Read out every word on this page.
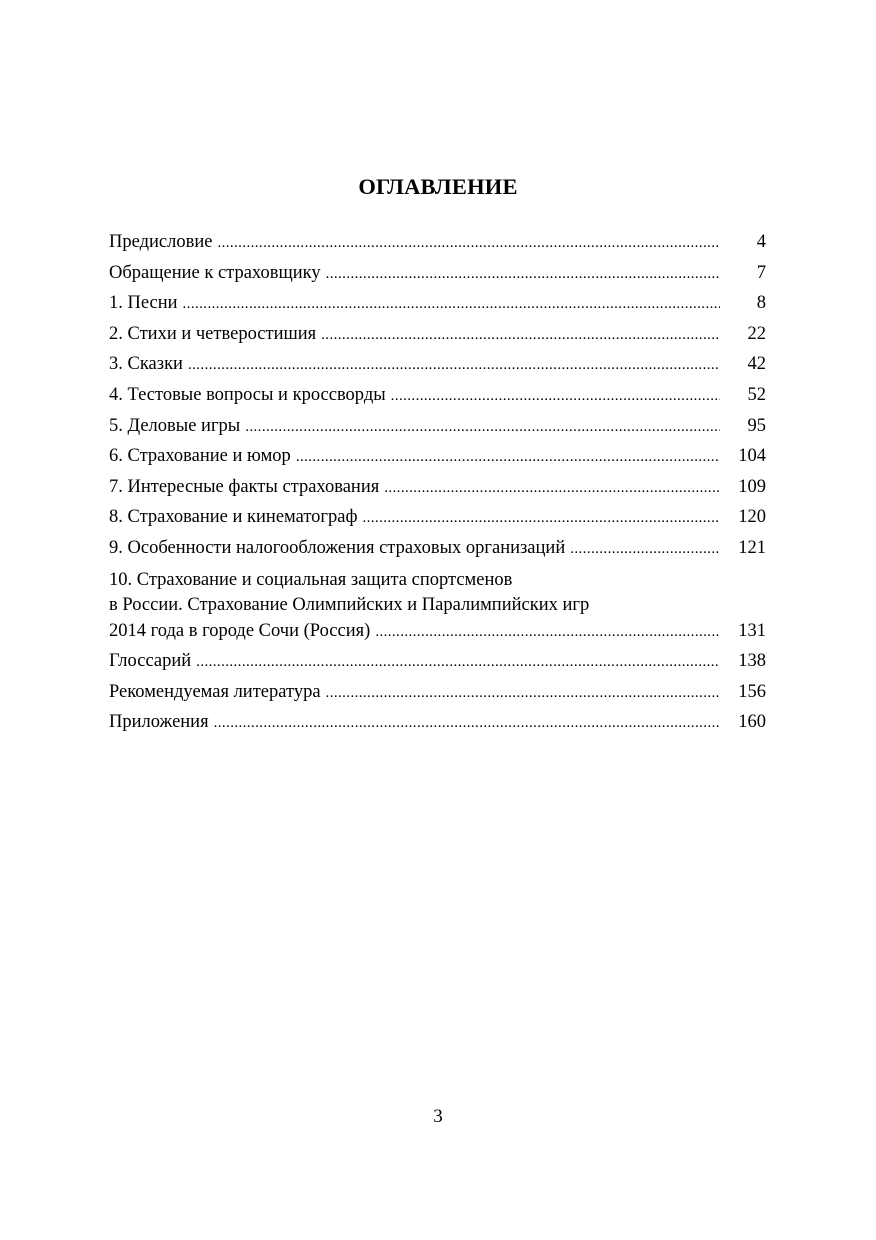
ОГЛАВЛЕНИЕ
Предисловие .....	4
Обращение к страховщику .....	7
1. Песни .....	8
2. Стихи и четверостишия .....	22
3. Сказки .....	42
4. Тестовые вопросы и кроссворды .....	52
5. Деловые игры .....	95
6. Страхование и юмор .....	104
7. Интересные факты страхования .....	109
8. Страхование и кинематограф .....	120
9. Особенности налогообложения страховых организаций .....	121
10. Страхование и социальная защита спортсменов
в России. Страхование Олимпийских и Паралимпийских игр
2014 года в городе Сочи (Россия) .....	131
Глоссарий .....	138
Рекомендуемая литература .....	156
Приложения .....	160
3
